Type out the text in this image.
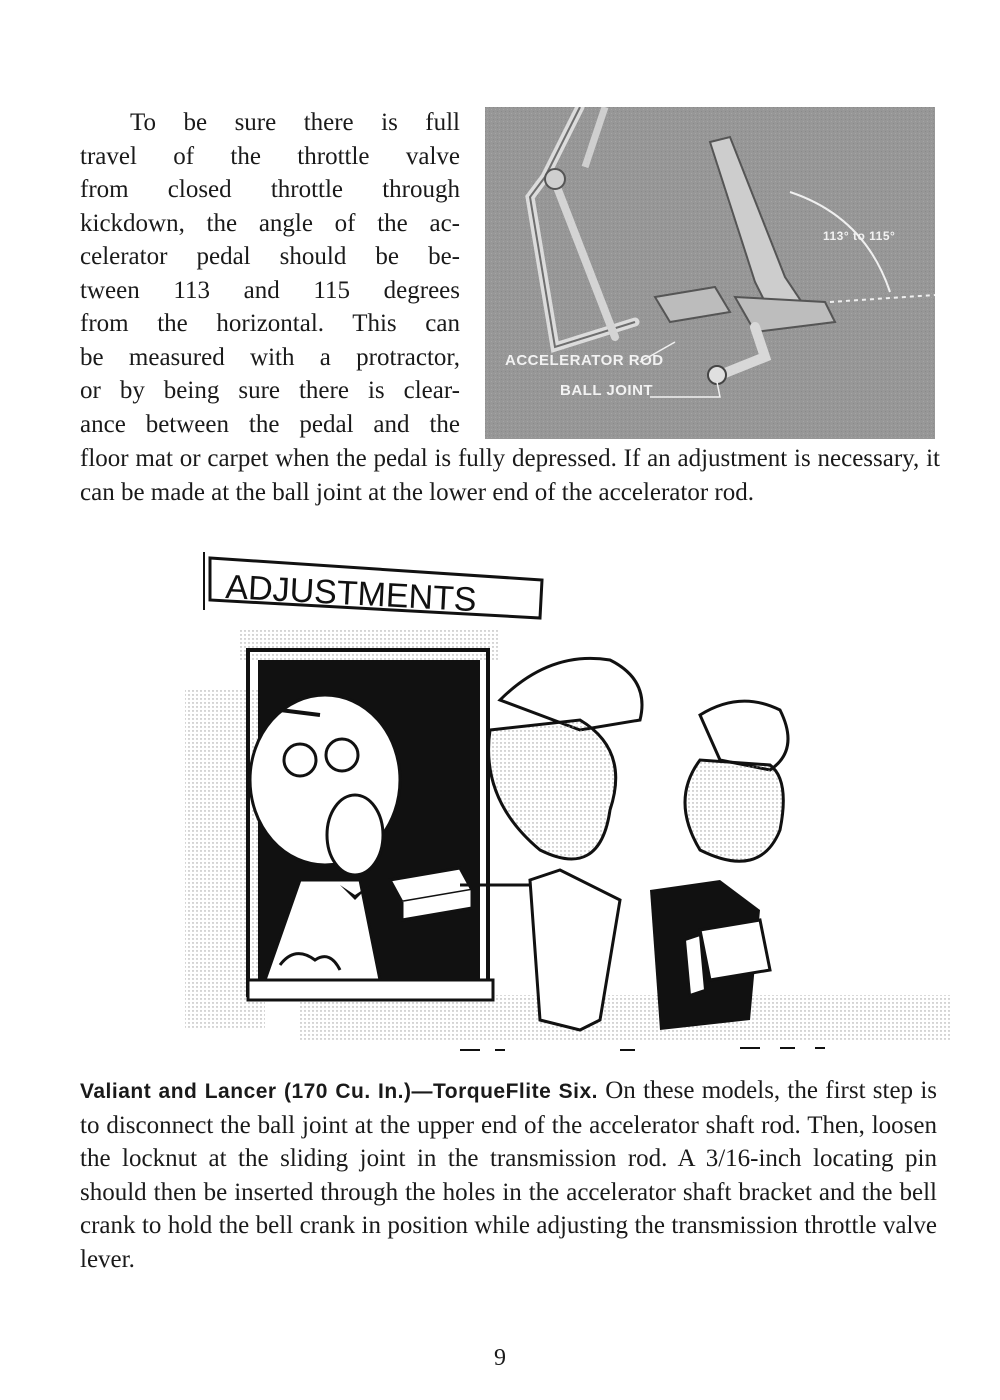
To be sure there is full
travel of the throttle valve
from closed throttle through
kickdown, the angle of the ac-
celerator pedal should be be-
tween 113 and 115 degrees
from the horizontal. This can
be measured with a protractor,
or by being sure there is clear-
ance between the pedal and the
ACCELERATOR ROD
BALL JOINT
113° to 115°
floor mat or carpet when the pedal is fully depressed. If an adjustment is necessary, it can be made at the ball joint at the lower end of the accelerator rod.
ADJUSTMENTS
Valiant and Lancer (170 Cu. In.)—TorqueFlite Six. On these models, the first step is to disconnect the ball joint at the upper end of the accelerator shaft rod. Then, loosen the locknut at the sliding joint in the transmission rod. A 3/16-inch locating pin should then be inserted through the holes in the accelerator shaft bracket and the bell crank to hold the bell crank in position while adjusting the transmission throttle valve lever.
9
